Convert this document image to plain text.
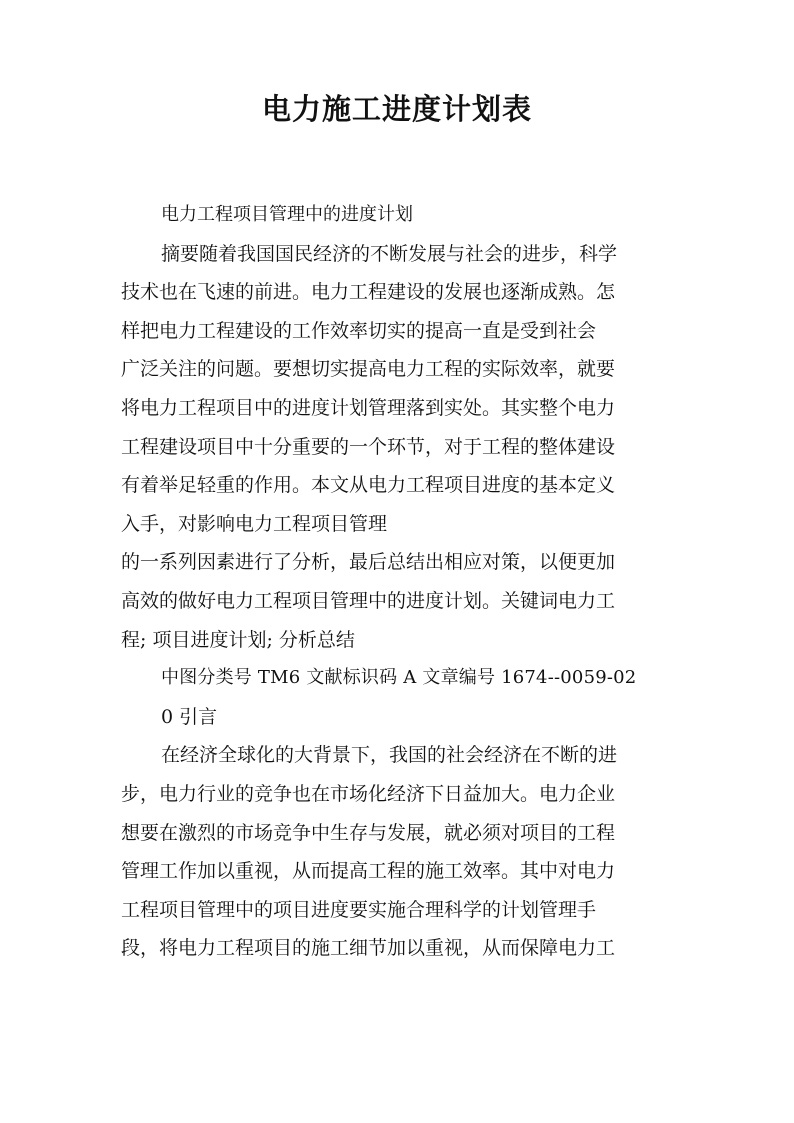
电力施工进度计划表
电力工程项目管理中的进度计划
摘要随着我国国民经济的不断发展与社会的进步，科学
技术也在飞速的前进。电力工程建设的发展也逐渐成熟。怎
样把电力工程建设的工作效率切实的提高一直是受到社会
广泛关注的问题。要想切实提高电力工程的实际效率，就要
将电力工程项目中的进度计划管理落到实处。其实整个电力
工程建设项目中十分重要的一个环节，对于工程的整体建设
有着举足轻重的作用。本文从电力工程项目进度的基本定义
入手，对影响电力工程项目管理
的一系列因素进行了分析，最后总结出相应对策，以便更加
高效的做好电力工程项目管理中的进度计划。关键词电力工
程; 项目进度计划; 分析总结
中图分类号 TM6 文献标识码 A 文章编号 1674--0059-02
0 引言
在经济全球化的大背景下，我国的社会经济在不断的进
步，电力行业的竞争也在市场化经济下日益加大。电力企业
想要在激烈的市场竞争中生存与发展，就必须对项目的工程
管理工作加以重视，从而提高工程的施工效率。其中对电力
工程项目管理中的项目进度要实施合理科学的计划管理手
段，将电力工程项目的施工细节加以重视，从而保障电力工
